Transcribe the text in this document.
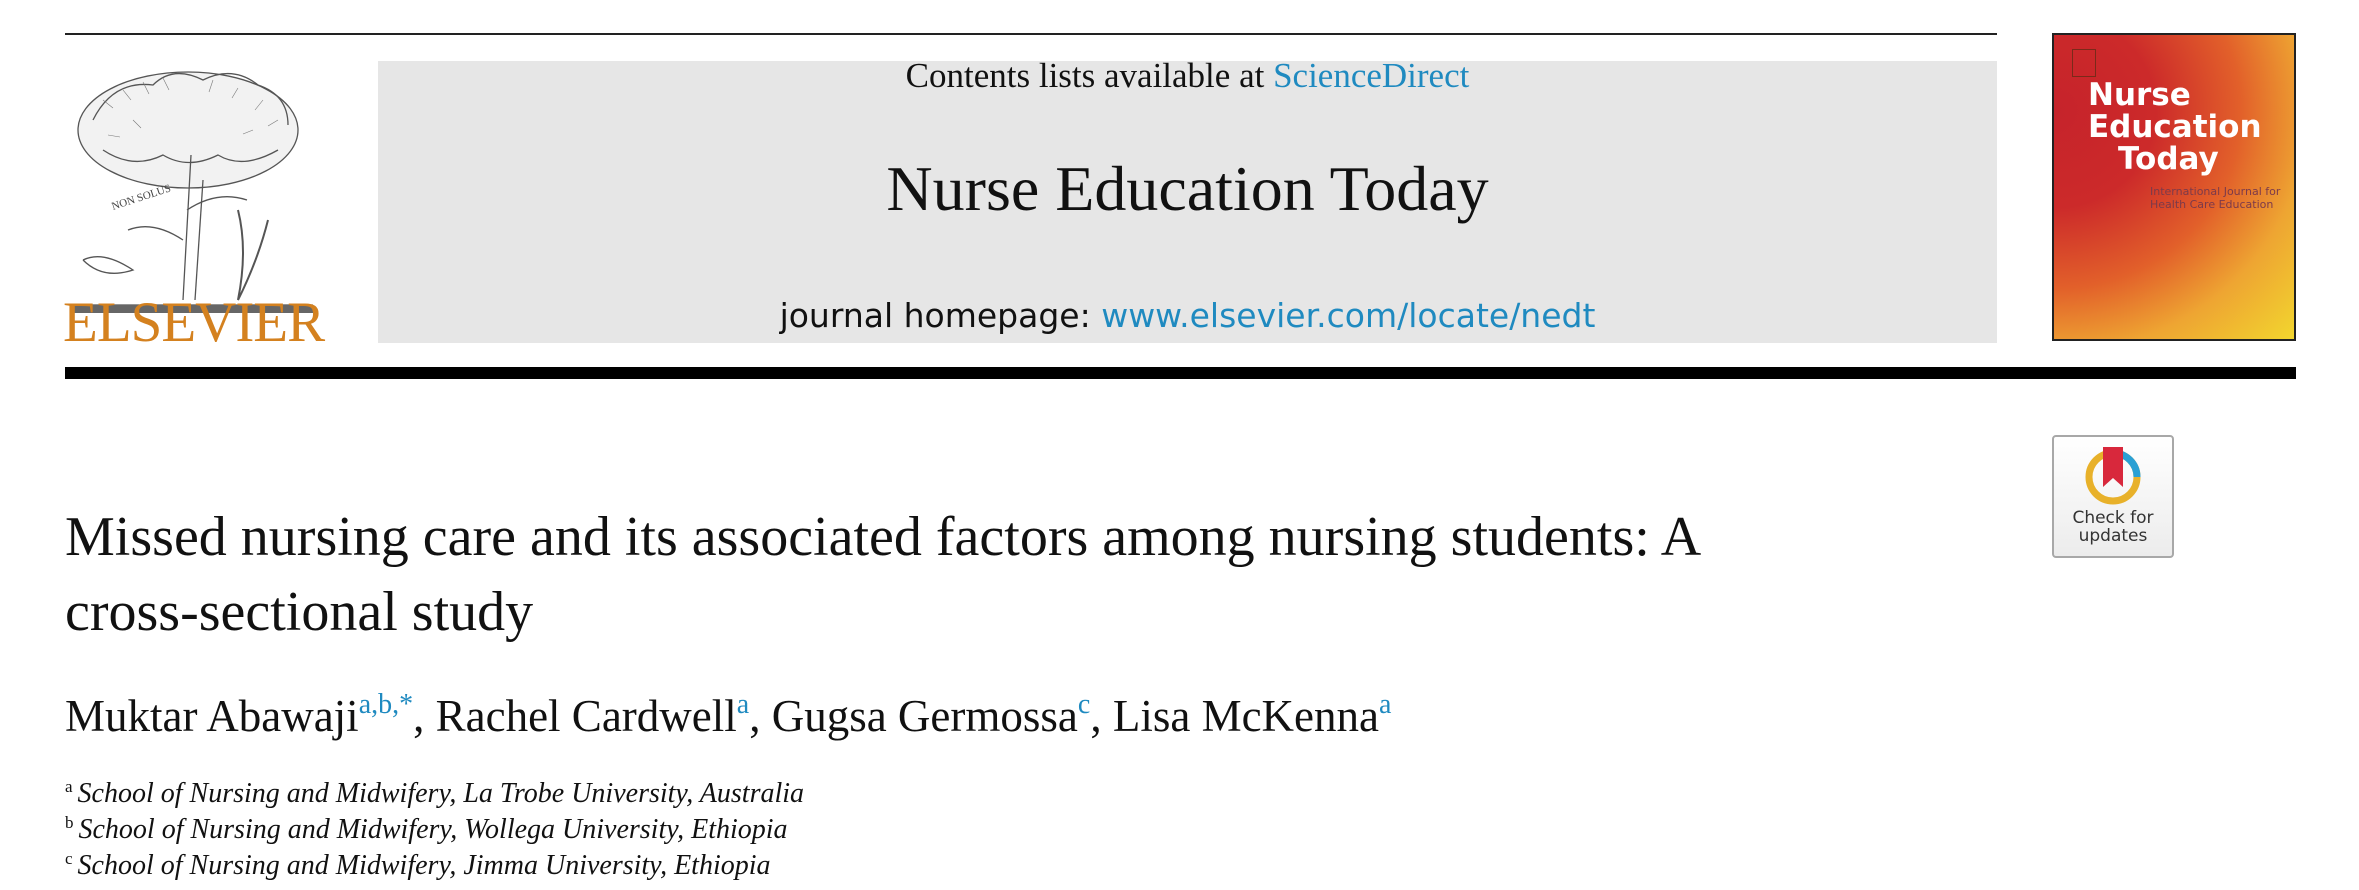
NON SOLUS
ELSEVIER
Contents lists available at ScienceDirect
Nurse Education Today
journal homepage: www.elsevier.com/locate/nedt
Nurse
Education
Today
International Journal for Health Care Education
Check for
updates
Missed nursing care and its associated factors among nursing students: A
cross-sectional study
Muktar Abawaji$^{a,b,*}$, Rachel Cardwell$^a$, Gugsa Germossa$^c$, Lisa McKenna$^a$
$^a$ School of Nursing and Midwifery, La Trobe University, Australia
$^b$ School of Nursing and Midwifery, Wollega University, Ethiopia
$^c$ School of Nursing and Midwifery, Jimma University, Ethiopia
